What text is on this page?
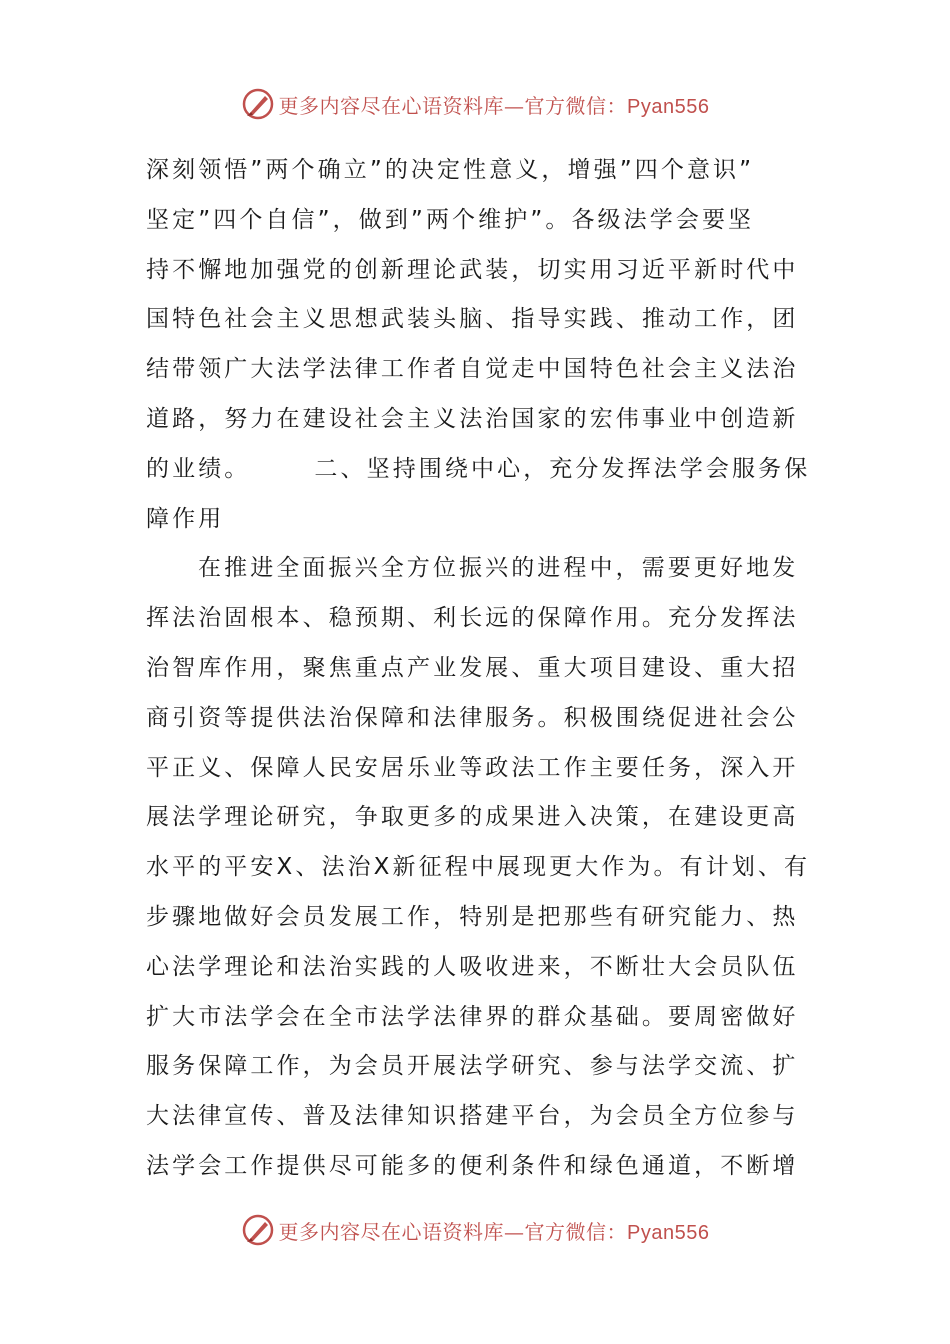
更多内容尽在心语资料库—官方微信：Pyan556
深刻领悟”两个确立”的决定性意义，增强”四个意识”
坚定”四个自信”，做到”两个维护”。各级法学会要坚
持不懈地加强党的创新理论武装，切实用习近平新时代中
国特色社会主义思想武装头脑、指导实践、推动工作，团
结带领广大法学法律工作者自觉走中国特色社会主义法治
道路，努力在建设社会主义法治国家的宏伟事业中创造新
的业绩。	二、坚持围绕中心，充分发挥法学会服务保
障作用
在推进全面振兴全方位振兴的进程中，需要更好地发
挥法治固根本、稳预期、利长远的保障作用。充分发挥法
治智库作用，聚焦重点产业发展、重大项目建设、重大招
商引资等提供法治保障和法律服务。积极围绕促进社会公
平正义、保障人民安居乐业等政法工作主要任务，深入开
展法学理论研究，争取更多的成果进入决策，在建设更高
水平的平安X、法治X新征程中展现更大作为。有计划、有
步骤地做好会员发展工作，特别是把那些有研究能力、热
心法学理论和法治实践的人吸收进来，不断壮大会员队伍
扩大市法学会在全市法学法律界的群众基础。要周密做好
服务保障工作，为会员开展法学研究、参与法学交流、扩
大法律宣传、普及法律知识搭建平台，为会员全方位参与
法学会工作提供尽可能多的便利条件和绿色通道，不断增
更多内容尽在心语资料库—官方微信：Pyan556
